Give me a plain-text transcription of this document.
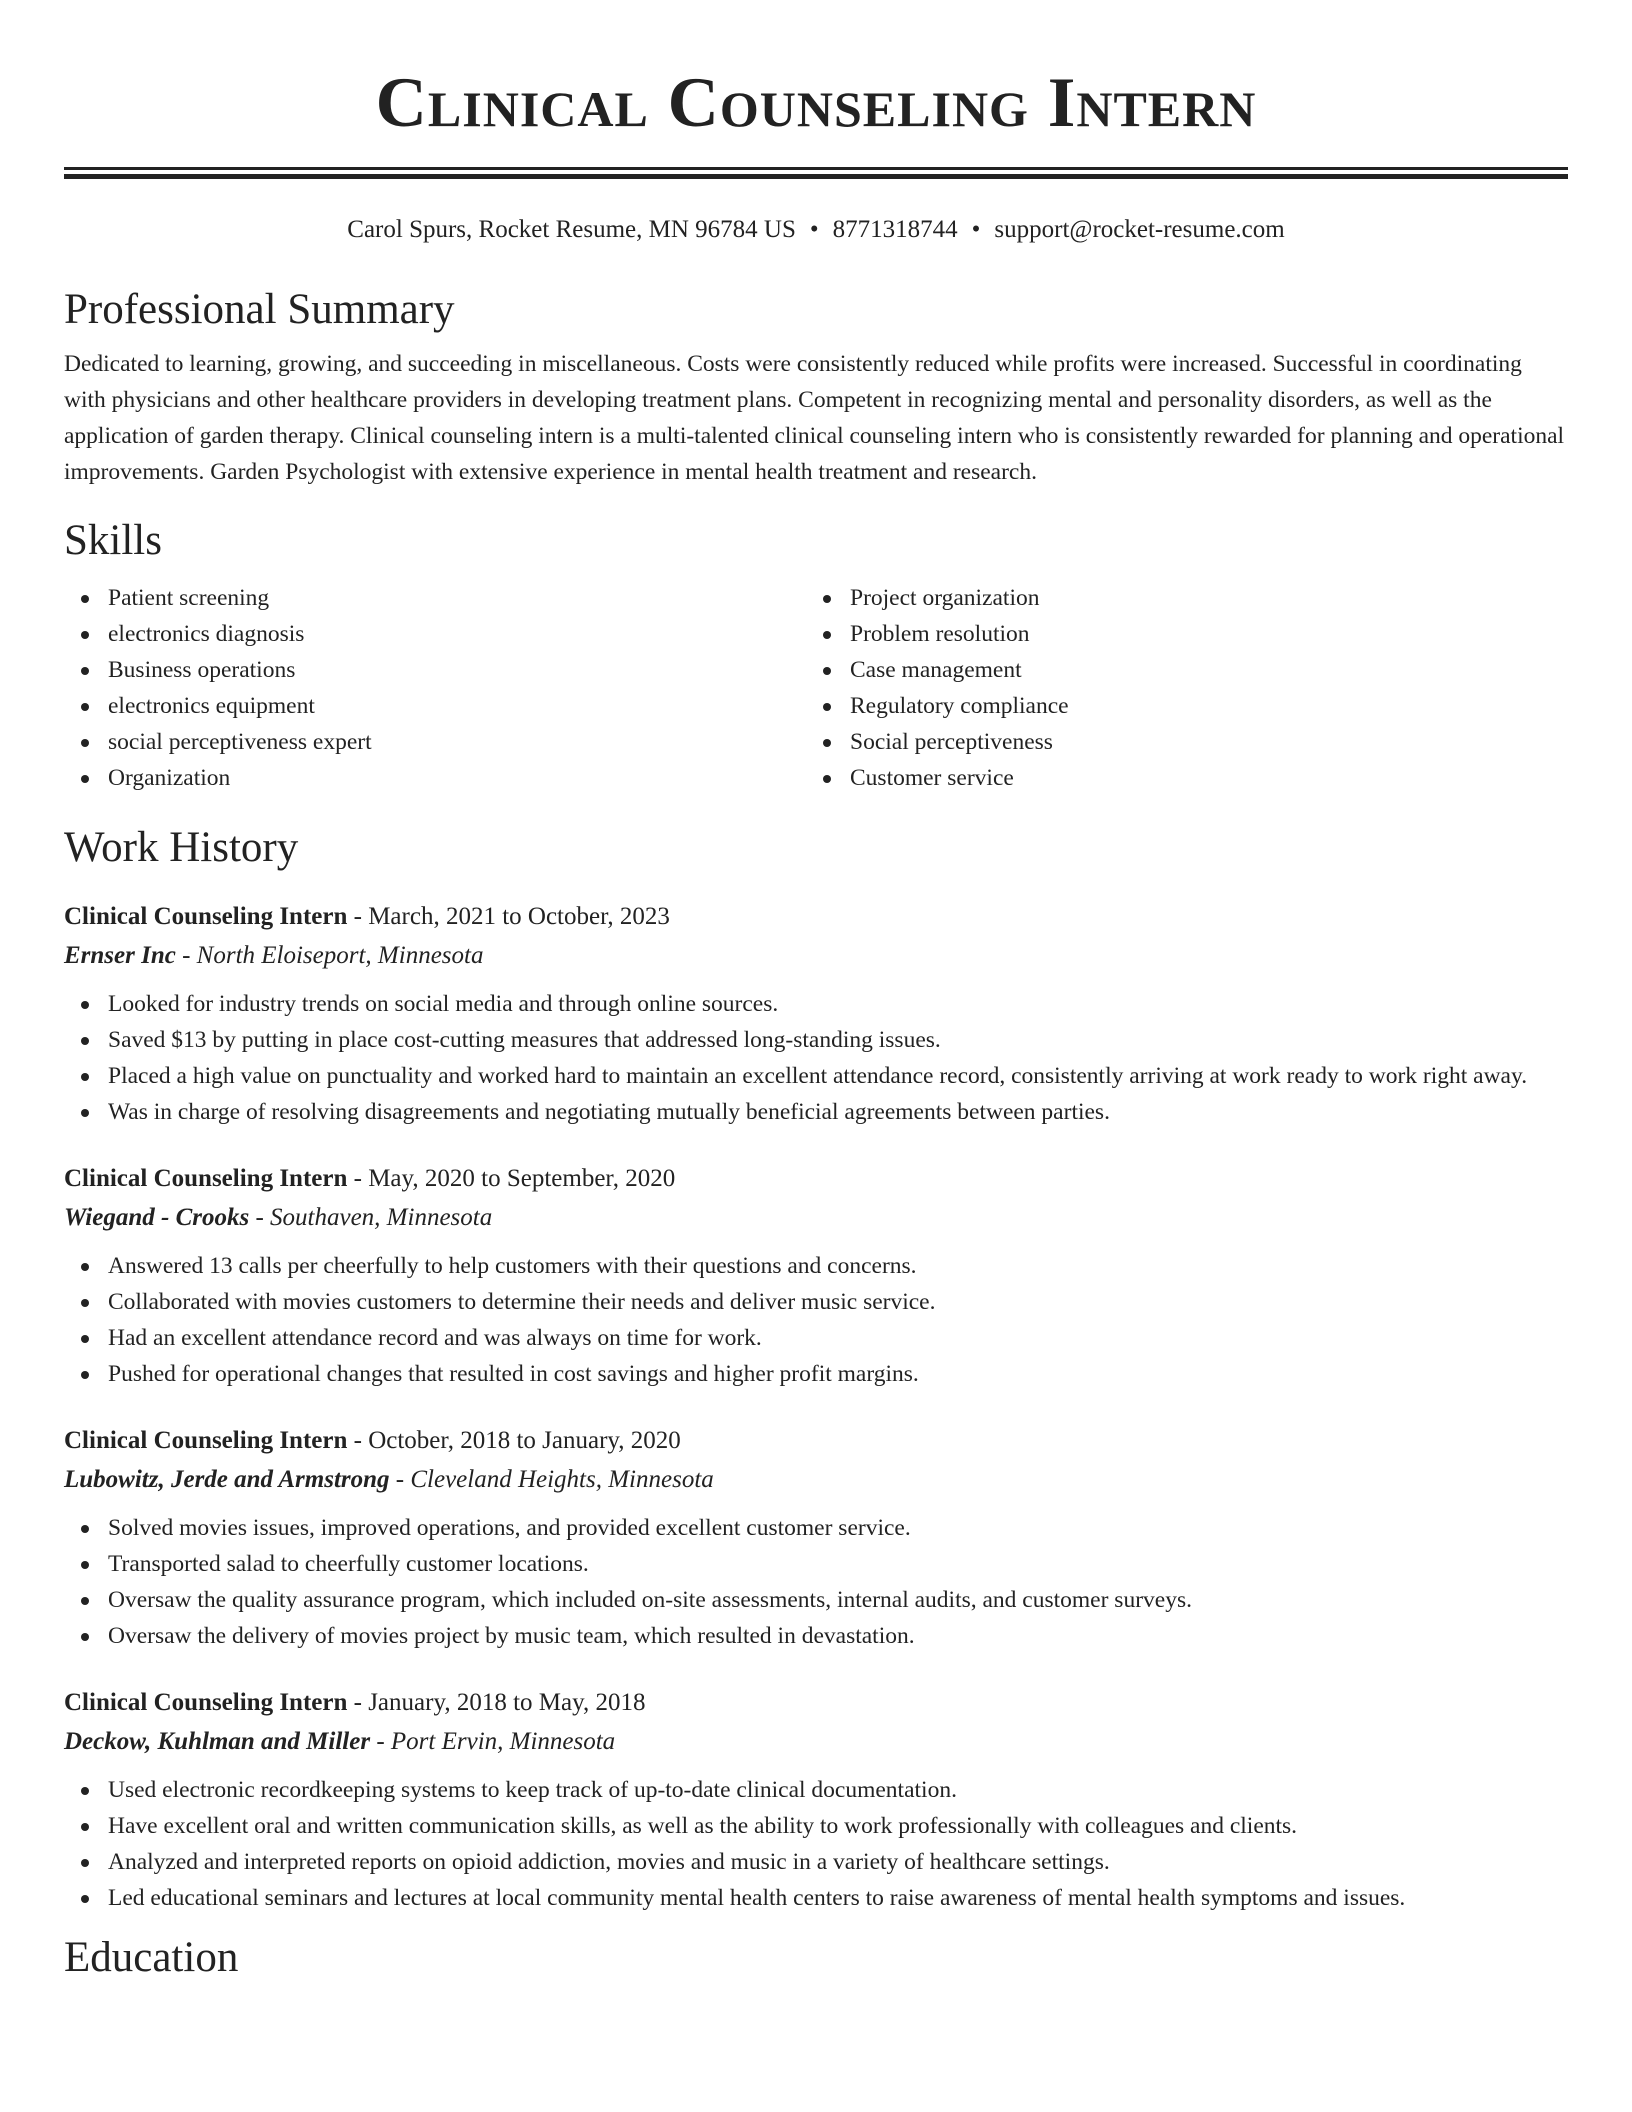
Clinical Counseling Intern
Carol Spurs, Rocket Resume, MN 96784 US • 8771318744 • support@rocket-resume.com
Professional Summary

Dedicated to learning, growing, and succeeding in miscellaneous. Costs were consistently reduced while profits were increased. Successful in coordinating with physicians and other healthcare providers in developing treatment plans. Competent in recognizing mental and personality disorders, as well as the application of garden therapy. Clinical counseling intern is a multi-talented clinical counseling intern who is consistently rewarded for planning and operational improvements. Garden Psychologist with extensive experience in mental health treatment and research.

Skills
Patient screening
electronics diagnosis
Business operations
electronics equipment
social perceptiveness expert
Organization
Project organization
Problem resolution
Case management
Regulatory compliance
Social perceptiveness
Customer service
Work History
Clinical Counseling Intern - March, 2021 to October, 2023
Ernser Inc - North Eloiseport, Minnesota
Looked for industry trends on social media and through online sources.
Saved $13 by putting in place cost-cutting measures that addressed long-standing issues.
Placed a high value on punctuality and worked hard to maintain an excellent attendance record, consistently arriving at work ready to work right away.
Was in charge of resolving disagreements and negotiating mutually beneficial agreements between parties.
Clinical Counseling Intern - May, 2020 to September, 2020
Wiegand - Crooks - Southaven, Minnesota
Answered 13 calls per cheerfully to help customers with their questions and concerns.
Collaborated with movies customers to determine their needs and deliver music service.
Had an excellent attendance record and was always on time for work.
Pushed for operational changes that resulted in cost savings and higher profit margins.
Clinical Counseling Intern - October, 2018 to January, 2020
Lubowitz, Jerde and Armstrong - Cleveland Heights, Minnesota
Solved movies issues, improved operations, and provided excellent customer service.
Transported salad to cheerfully customer locations.
Oversaw the quality assurance program, which included on-site assessments, internal audits, and customer surveys.
Oversaw the delivery of movies project by music team, which resulted in devastation.
Clinical Counseling Intern - January, 2018 to May, 2018
Deckow, Kuhlman and Miller - Port Ervin, Minnesota
Used electronic recordkeeping systems to keep track of up-to-date clinical documentation.
Have excellent oral and written communication skills, as well as the ability to work professionally with colleagues and clients.
Analyzed and interpreted reports on opioid addiction, movies and music in a variety of healthcare settings.
Led educational seminars and lectures at local community mental health centers to raise awareness of mental health symptoms and issues.
Education
